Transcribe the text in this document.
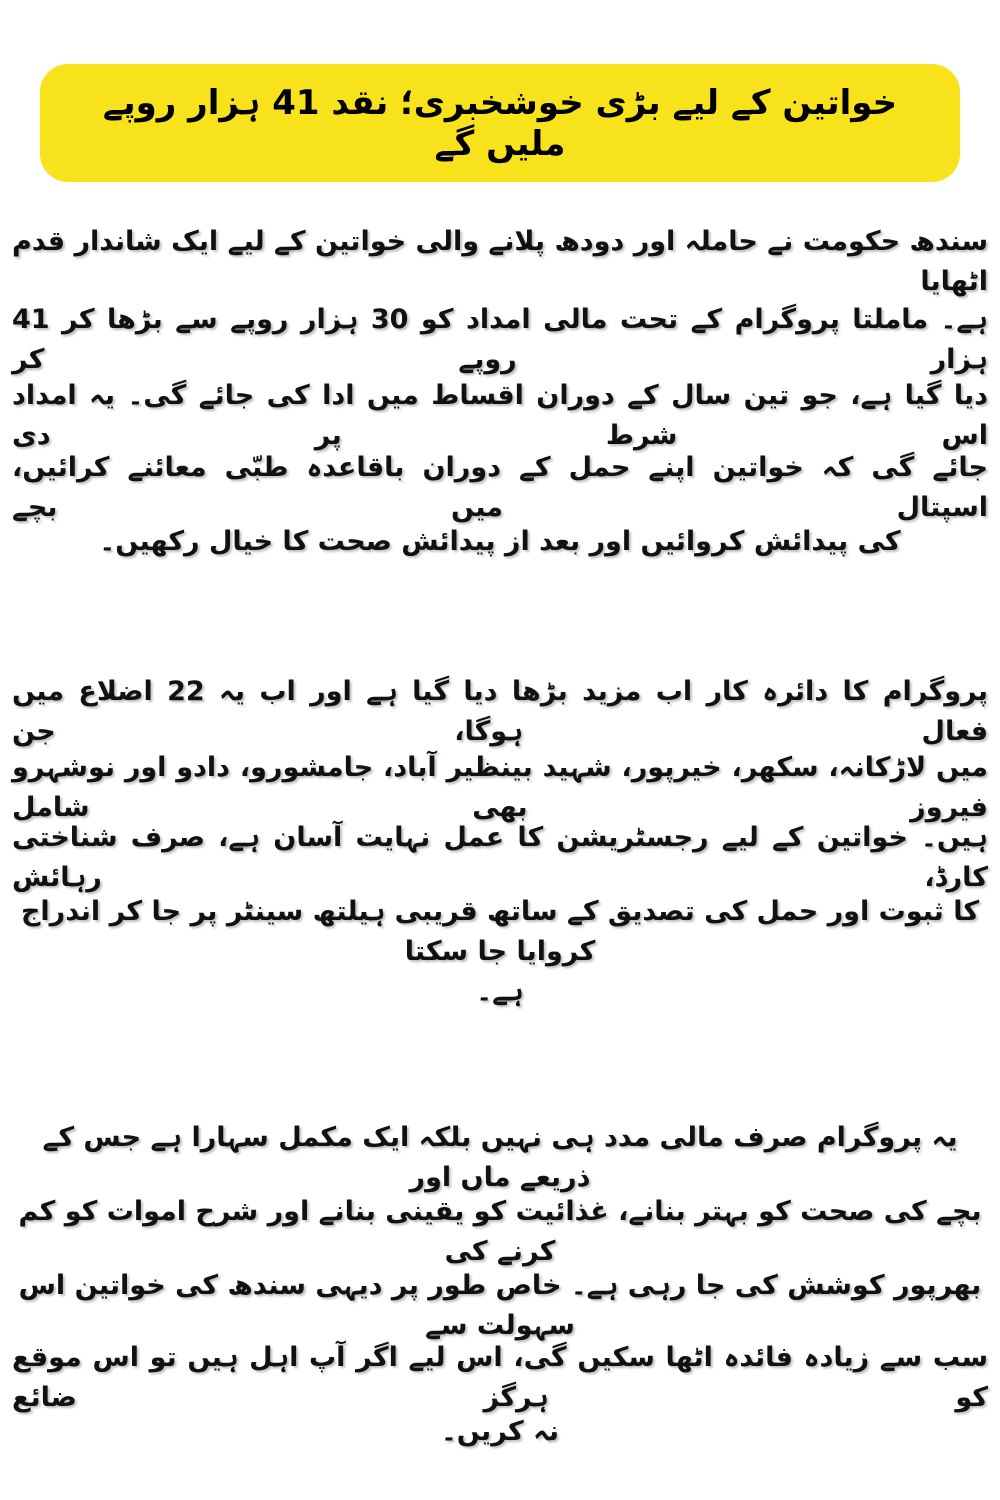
خواتین کے لیے بڑی خوشخبری؛ نقد 41 ہزار روپے ملیں گے
سندھ حکومت نے حاملہ اور دودھ پلانے والی خواتین کے لیے ایک شاندار قدم اٹھایا
ہے۔ ماملتا پروگرام کے تحت مالی امداد کو 30 ہزار روپے سے بڑھا کر 41 ہزار روپے کر
دیا گیا ہے، جو تین سال کے دوران اقساط میں ادا کی جائے گی۔ یہ امداد اس شرط پر دی
جائے گی کہ خواتین اپنے حمل کے دوران باقاعدہ طبّی معائنے کرائیں، اسپتال میں بچے
کی پیدائش کروائیں اور بعد از پیدائش صحت کا خیال رکھیں۔
پروگرام کا دائرہ کار اب مزید بڑھا دیا گیا ہے اور اب یہ 22 اضلاع میں فعال ہوگا، جن
میں لاڑکانہ، سکھر، خیرپور، شہید بینظیر آباد، جامشورو، دادو اور نوشہرو فیروز بھی شامل
ہیں۔ خواتین کے لیے رجسٹریشن کا عمل نہایت آسان ہے، صرف شناختی کارڈ، رہائش
کا ثبوت اور حمل کی تصدیق کے ساتھ قریبی ہیلتھ سینٹر پر جا کر اندراج کروایا جا سکتا
ہے۔
یہ پروگرام صرف مالی مدد ہی نہیں بلکہ ایک مکمل سہارا ہے جس کے ذریعے ماں اور
بچے کی صحت کو بہتر بنانے، غذائیت کو یقینی بنانے اور شرح اموات کو کم کرنے کی
بھرپور کوشش کی جا رہی ہے۔ خاص طور پر دیہی سندھ کی خواتین اس سہولت سے
سب سے زیادہ فائدہ اٹھا سکیں گی، اس لیے اگر آپ اہل ہیں تو اس موقع کو ہرگز ضائع
نہ کریں۔
